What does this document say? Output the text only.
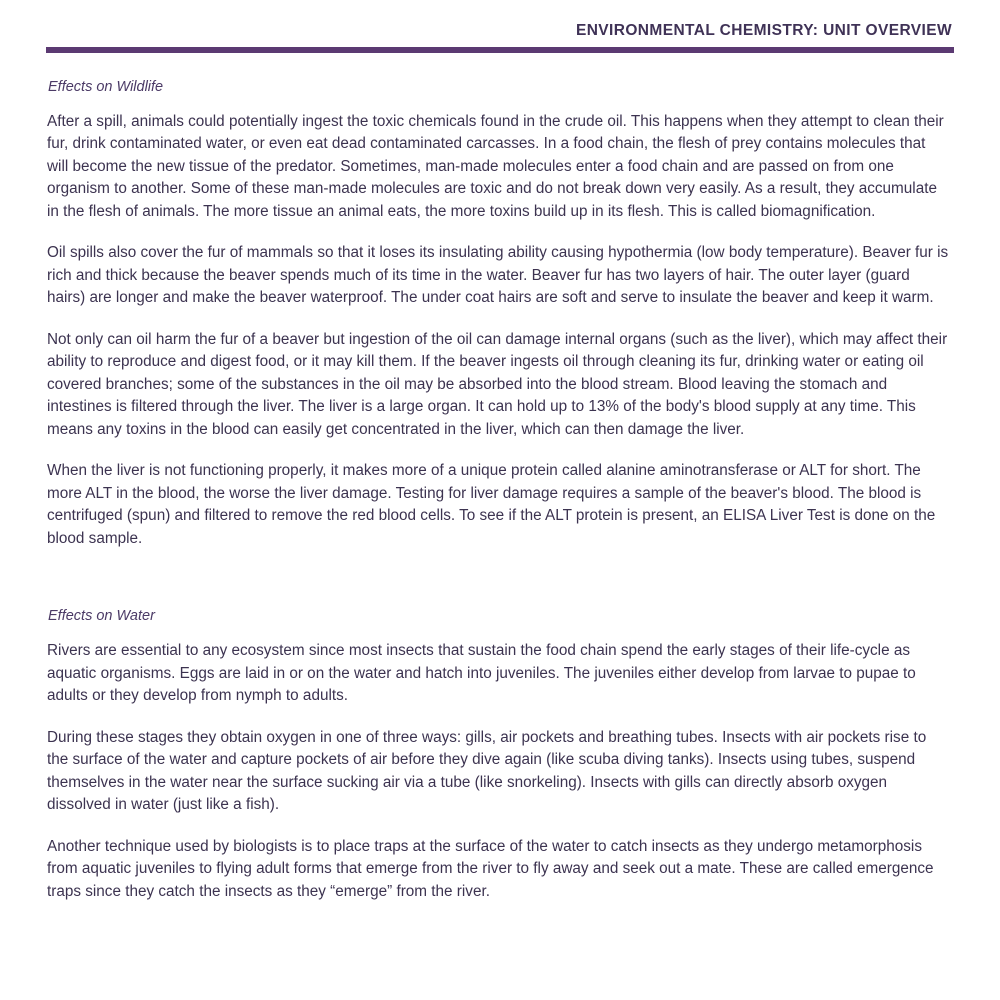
ENVIRONMENTAL CHEMISTRY: UNIT OVERVIEW
Effects on Wildlife

After a spill, animals could potentially ingest the toxic chemicals found in the crude oil. This happens when they attempt to clean their fur, drink contaminated water, or even eat dead contaminated carcasses. In a food chain, the flesh of prey contains molecules that will become the new tissue of the predator. Sometimes, man-made molecules enter a food chain and are passed on from one organism to another. Some of these man-made molecules are toxic and do not break down very easily. As a result, they accumulate in the flesh of animals. The more tissue an animal eats, the more toxins build up in its flesh. This is called biomagnification.

Oil spills also cover the fur of mammals so that it loses its insulating ability causing hypothermia (low body temperature). Beaver fur is rich and thick because the beaver spends much of its time in the water. Beaver fur has two layers of hair. The outer layer (guard hairs) are longer and make the beaver waterproof. The under coat hairs are soft and serve to insulate the beaver and keep it warm.

Not only can oil harm the fur of a beaver but ingestion of the oil can damage internal organs (such as the liver), which may affect their ability to reproduce and digest food, or it may kill them. If the beaver ingests oil through cleaning its fur, drinking water or eating oil covered branches; some of the substances in the oil may be absorbed into the blood stream. Blood leaving the stomach and intestines is filtered through the liver. The liver is a large organ. It can hold up to 13% of the body's blood supply at any time. This means any toxins in the blood can easily get concentrated in the liver, which can then damage the liver.

When the liver is not functioning properly, it makes more of a unique protein called alanine aminotransferase or ALT for short. The more ALT in the blood, the worse the liver damage. Testing for liver damage requires a sample of the beaver's blood. The blood is centrifuged (spun) and filtered to remove the red blood cells. To see if the ALT protein is present, an ELISA Liver Test is done on the blood sample.

Effects on Water

Rivers are essential to any ecosystem since most insects that sustain the food chain spend the early stages of their life-cycle as aquatic organisms. Eggs are laid in or on the water and hatch into juveniles. The juveniles either develop from larvae to pupae to adults or they develop from nymph to adults.

During these stages they obtain oxygen in one of three ways: gills, air pockets and breathing tubes. Insects with air pockets rise to the surface of the water and capture pockets of air before they dive again (like scuba diving tanks). Insects using tubes, suspend themselves in the water near the surface sucking air via a tube (like snorkeling). Insects with gills can directly absorb oxygen dissolved in water (just like a fish).

Another technique used by biologists is to place traps at the surface of the water to catch insects as they undergo metamorphosis from aquatic juveniles to flying adult forms that emerge from the river to fly away and seek out a mate. These are called emergence traps since they catch the insects as they “emerge” from the river.
